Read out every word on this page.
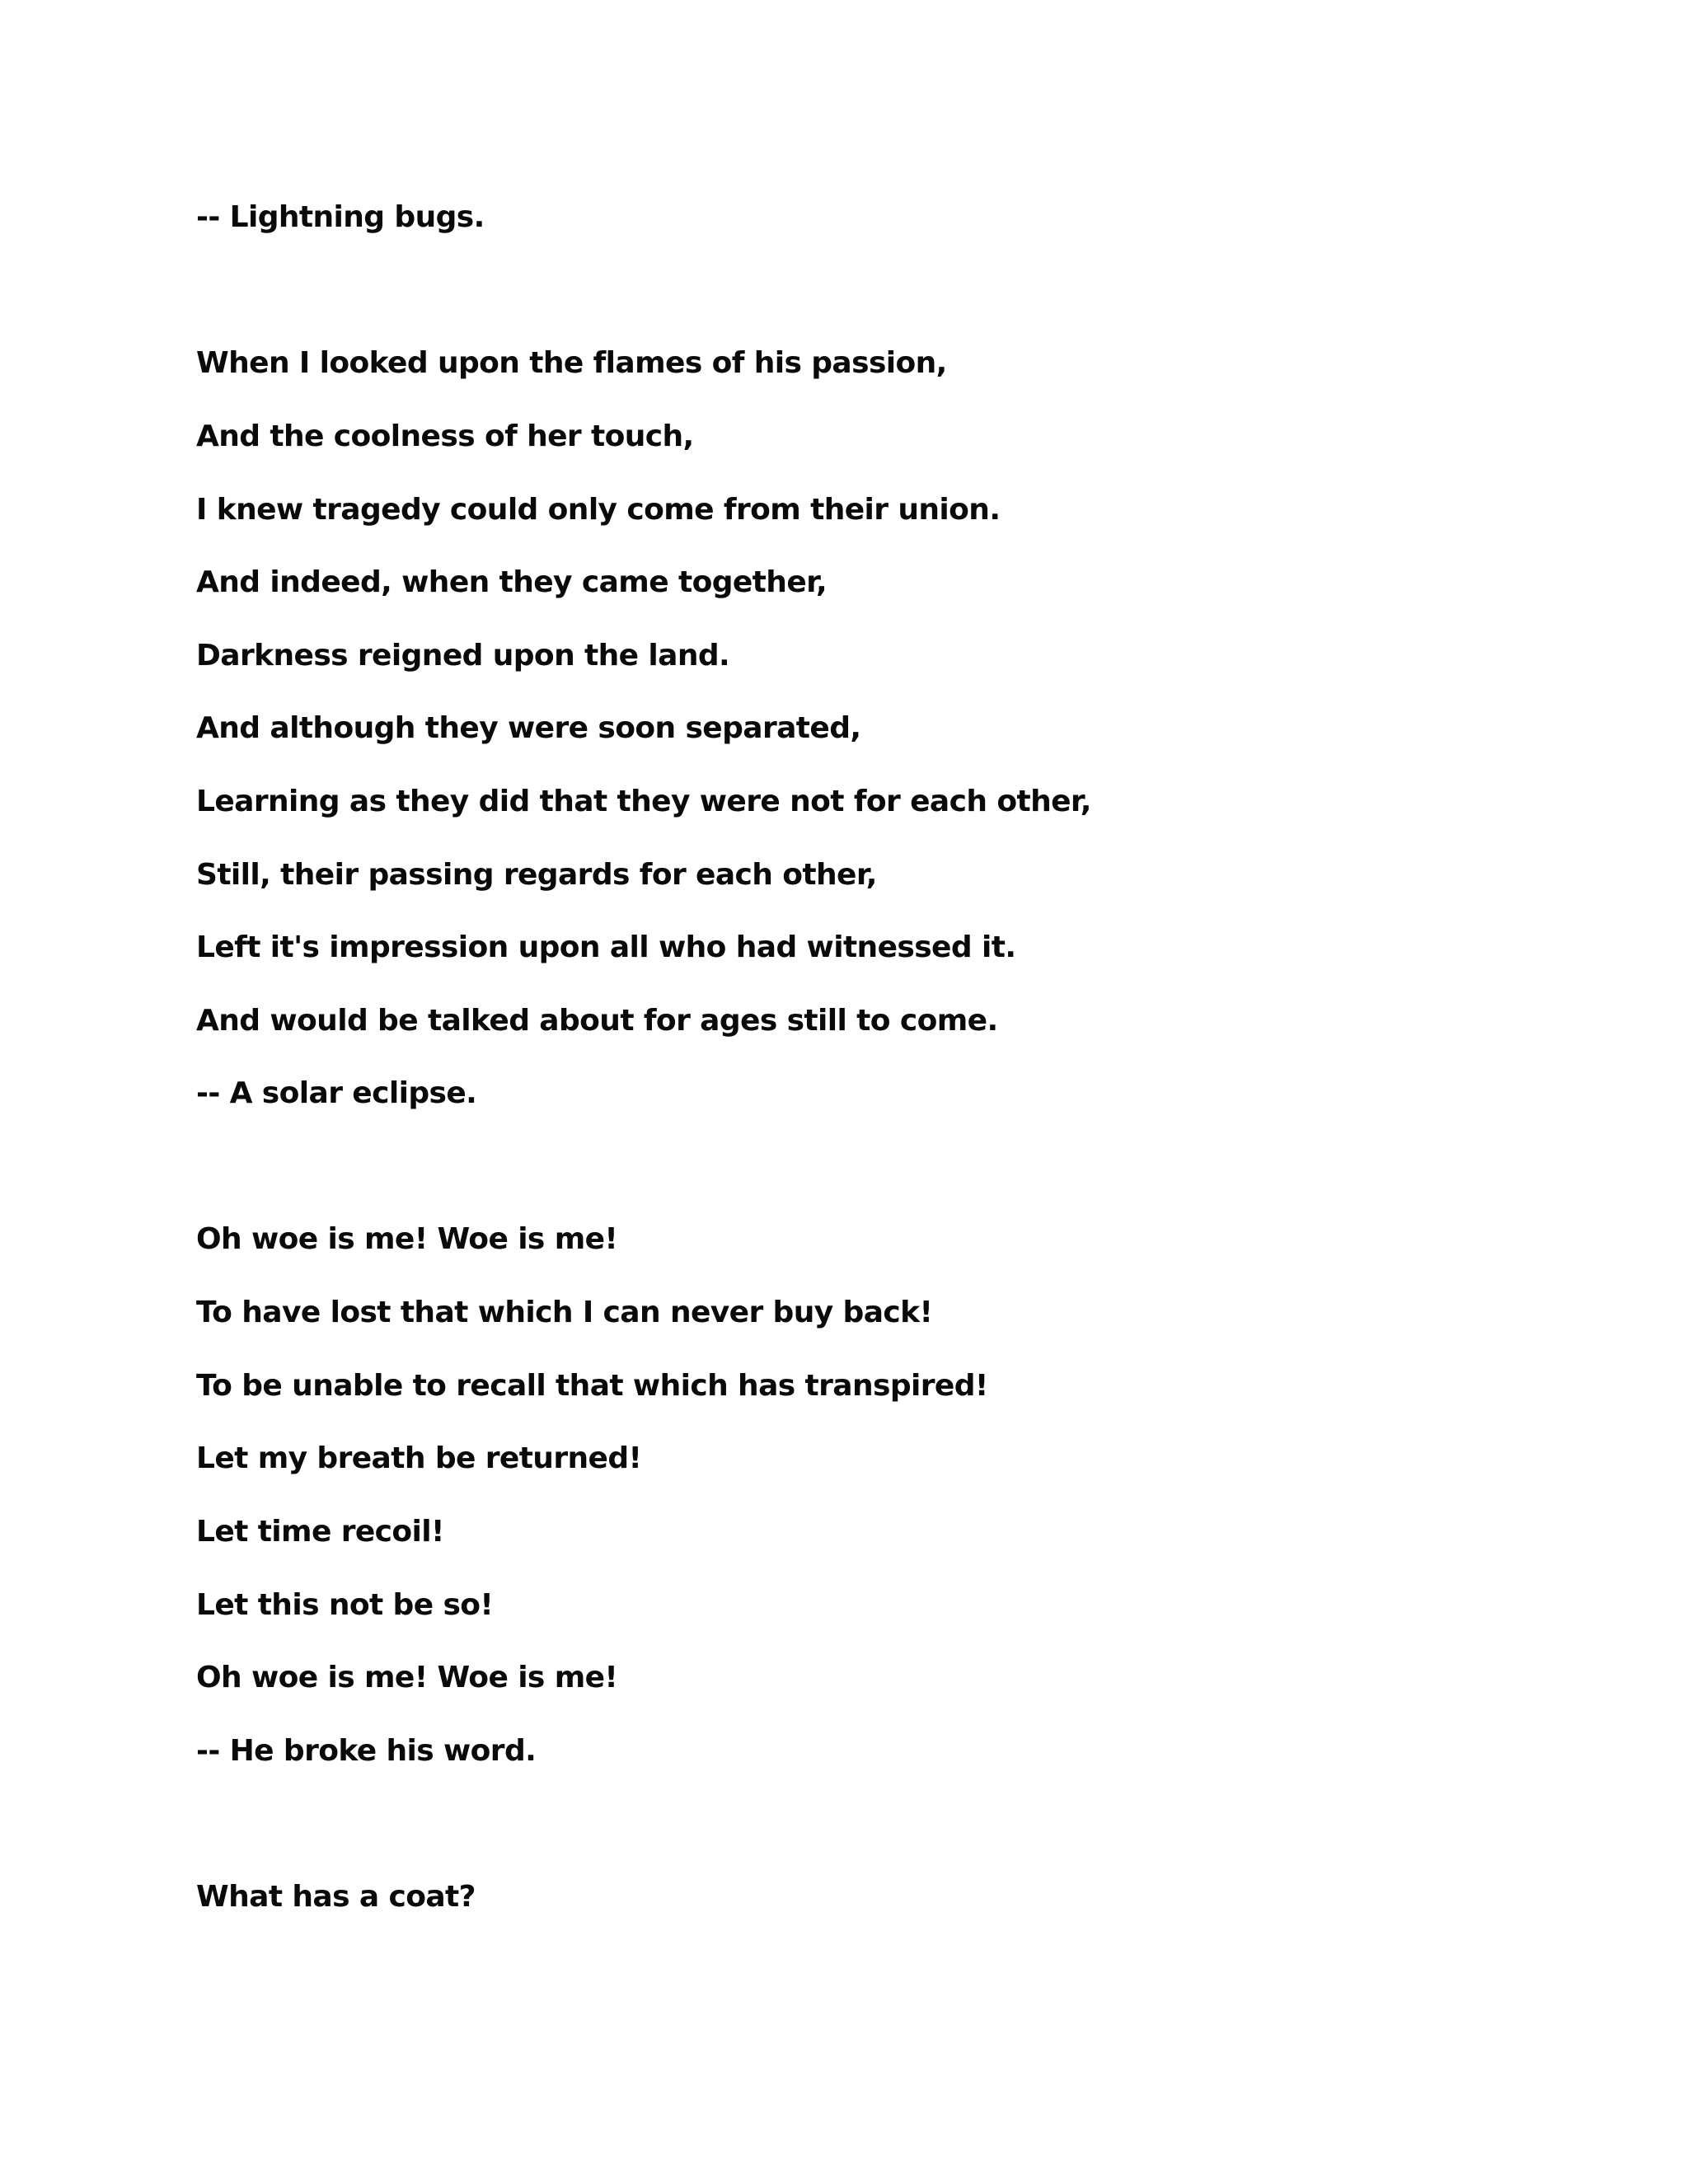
-- Lightning bugs.
When I looked upon the flames of his passion,
And the coolness of her touch,
I knew tragedy could only come from their union.
And indeed, when they came together,
Darkness reigned upon the land.
And although they were soon separated,
Learning as they did that they were not for each other,
Still, their passing regards for each other,
Left it's impression upon all who had witnessed it.
And would be talked about for ages still to come.
-- A solar eclipse.
Oh woe is me! Woe is me!
To have lost that which I can never buy back!
To be unable to recall that which has transpired!
Let my breath be returned!
Let time recoil!
Let this not be so!
Oh woe is me! Woe is me!
-- He broke his word.
What has a coat?
